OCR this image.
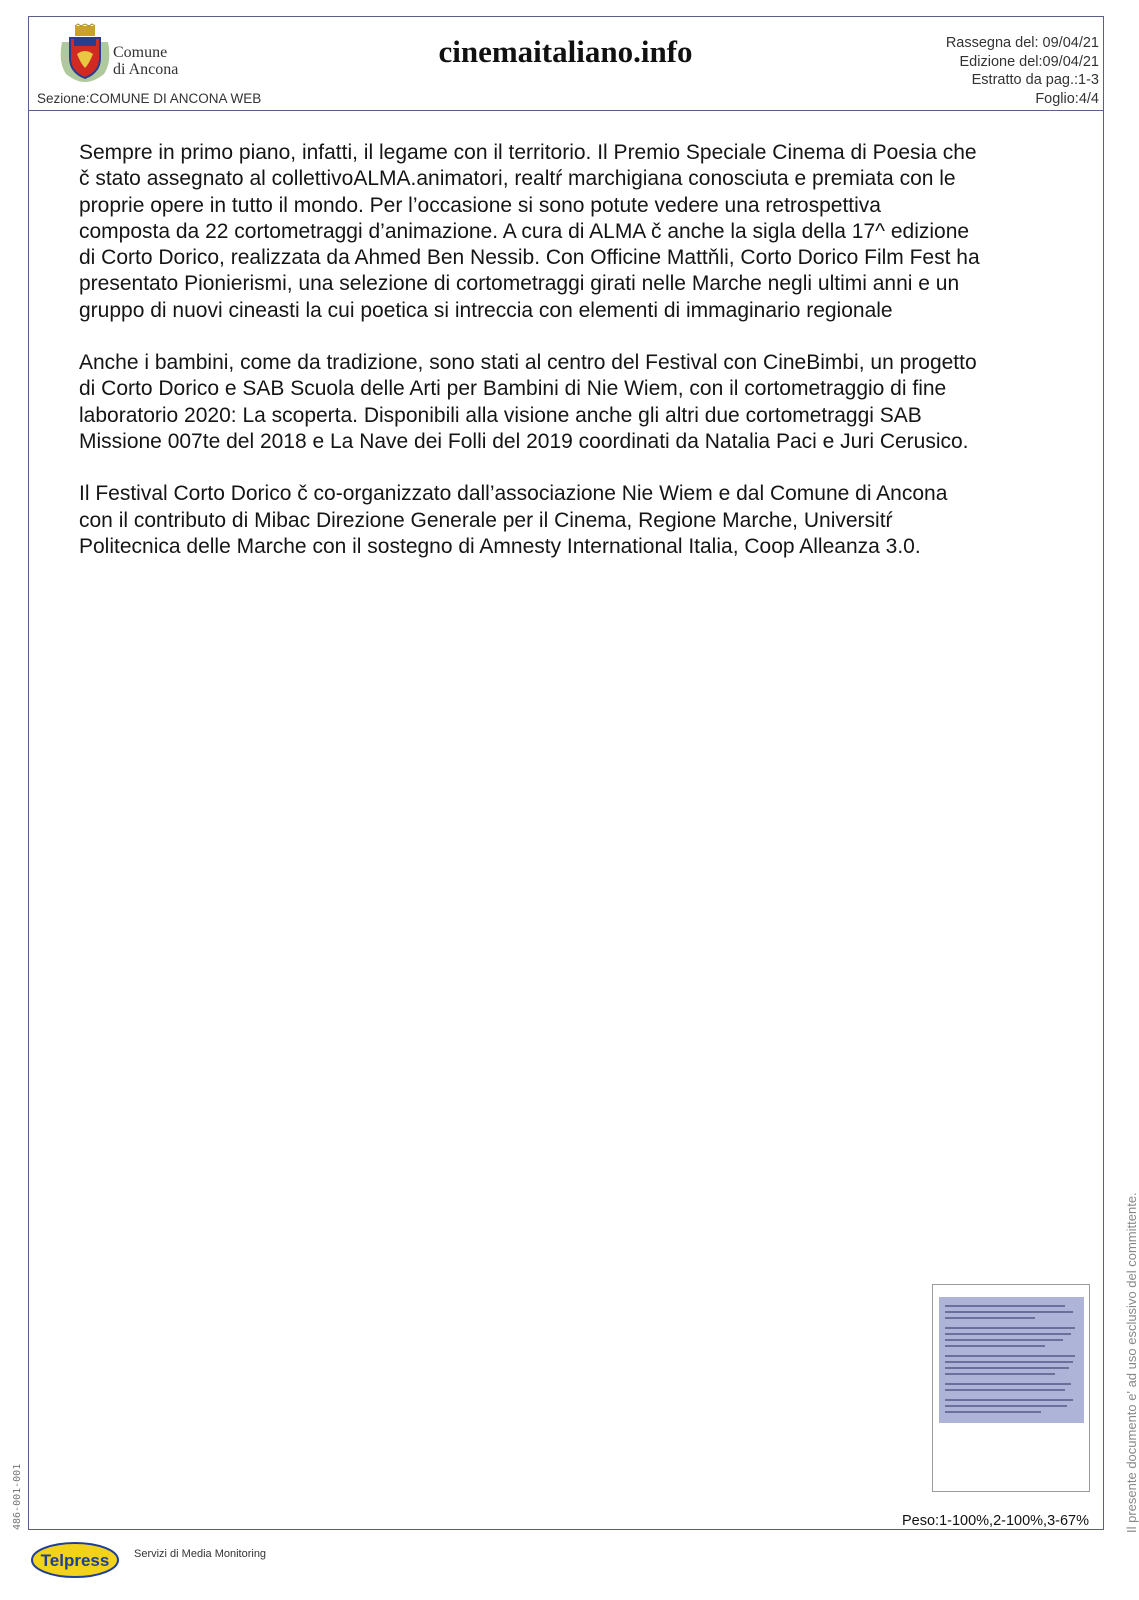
Comune
di Ancona
Sezione:COMUNE DI ANCONA WEB
cinemaitaliano.info	Rassegna del: 09/04/21
Edizione del:09/04/21
Estratto da pag.:1-3
Foglio:4/4

Sempre in primo piano, infatti, il legame con il territorio. Il Premio Speciale Cinema di Poesia che
č stato assegnato al collettivoALMA.animatori, realtŕ marchigiana conosciuta e premiata con le
proprie opere in tutto il mondo. Per l’occasione si sono potute vedere una retrospettiva
composta da 22 cortometraggi d’animazione. A cura di ALMA č anche la sigla della 17^ edizione
di Corto Dorico, realizzata da Ahmed Ben Nessib. Con Officine Mattňli, Corto Dorico Film Fest ha
presentato Pionierismi, una selezione di cortometraggi girati nelle Marche negli ultimi anni e un
gruppo di nuovi cineasti la cui poetica si intreccia con elementi di immaginario regionale

Anche i bambini, come da tradizione, sono stati al centro del Festival con CineBimbi, un progetto
di Corto Dorico e SAB Scuola delle Arti per Bambini di Nie Wiem, con il cortometraggio di fine
laboratorio 2020: La scoperta. Disponibili alla visione anche gli altri due cortometraggi SAB
Missione 007te del 2018 e La Nave dei Folli del 2019 coordinati da Natalia Paci e Juri Cerusico.

Il Festival Corto Dorico č co-organizzato dall’associazione Nie Wiem e dal Comune di Ancona
con il contributo di Mibac Direzione Generale per il Cinema, Regione Marche, Universitŕ
Politecnica delle Marche con il sostegno di Amnesty International Italia, Coop Alleanza 3.0.

Peso:1-100%,2-100%,3-67%	Il presente documento e' ad uso esclusivo del committente.
486-001-001
Telpress Servizi di Media Monitoring
